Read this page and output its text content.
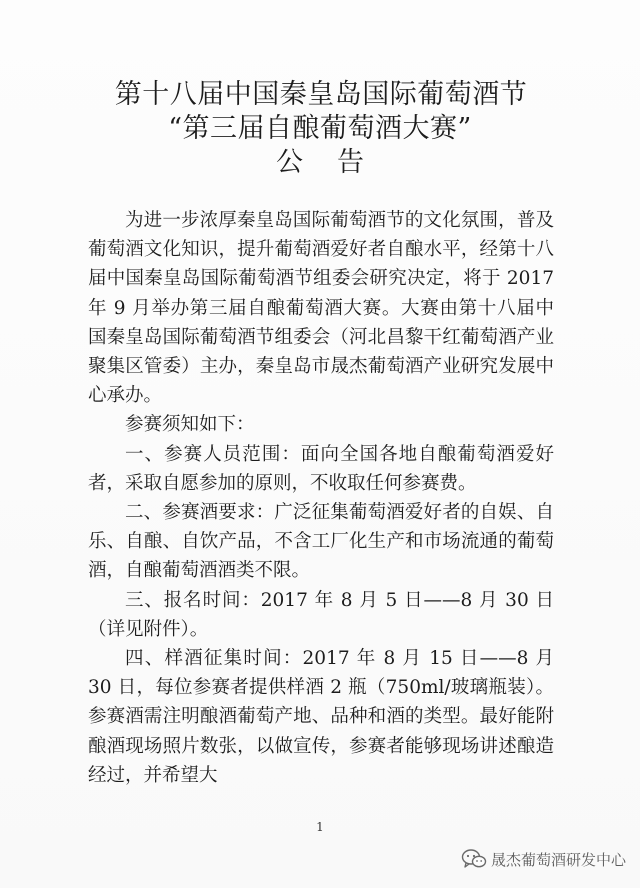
第十八届中国秦皇岛国际葡萄酒节
“第三届自酿葡萄酒大赛”
公告

为进一步浓厚秦皇岛国际葡萄酒节的文化氛围，普及葡萄酒文化知识，提升葡萄酒爱好者自酿水平，经第十八届中国秦皇岛国际葡萄酒节组委会研究决定，将于 2017 年 9 月举办第三届自酿葡萄酒大赛。大赛由第十八届中国秦皇岛国际葡萄酒节组委会（河北昌黎干红葡萄酒产业聚集区管委）主办，秦皇岛市晟杰葡萄酒产业研究发展中心承办。

参赛须知如下：

一、参赛人员范围：面向全国各地自酿葡萄酒爱好者，采取自愿参加的原则，不收取任何参赛费。

二、参赛酒要求：广泛征集葡萄酒爱好者的自娱、自乐、自酿、自饮产品，不含工厂化生产和市场流通的葡萄酒，自酿葡萄酒酒类不限。

三、报名时间：2017 年 8 月 5 日——8 月 30 日（详见附件）。

四、样酒征集时间：2017 年 8 月 15 日——8 月 30 日，每位参赛者提供样酒 2 瓶（750ml/玻璃瓶装）。参赛酒需注明酿酒葡萄产地、品种和酒的类型。最好能附酿酒现场照片数张，以做宣传，参赛者能够现场讲述酿造经过，并希望大

1
晟杰葡萄酒研发中心
